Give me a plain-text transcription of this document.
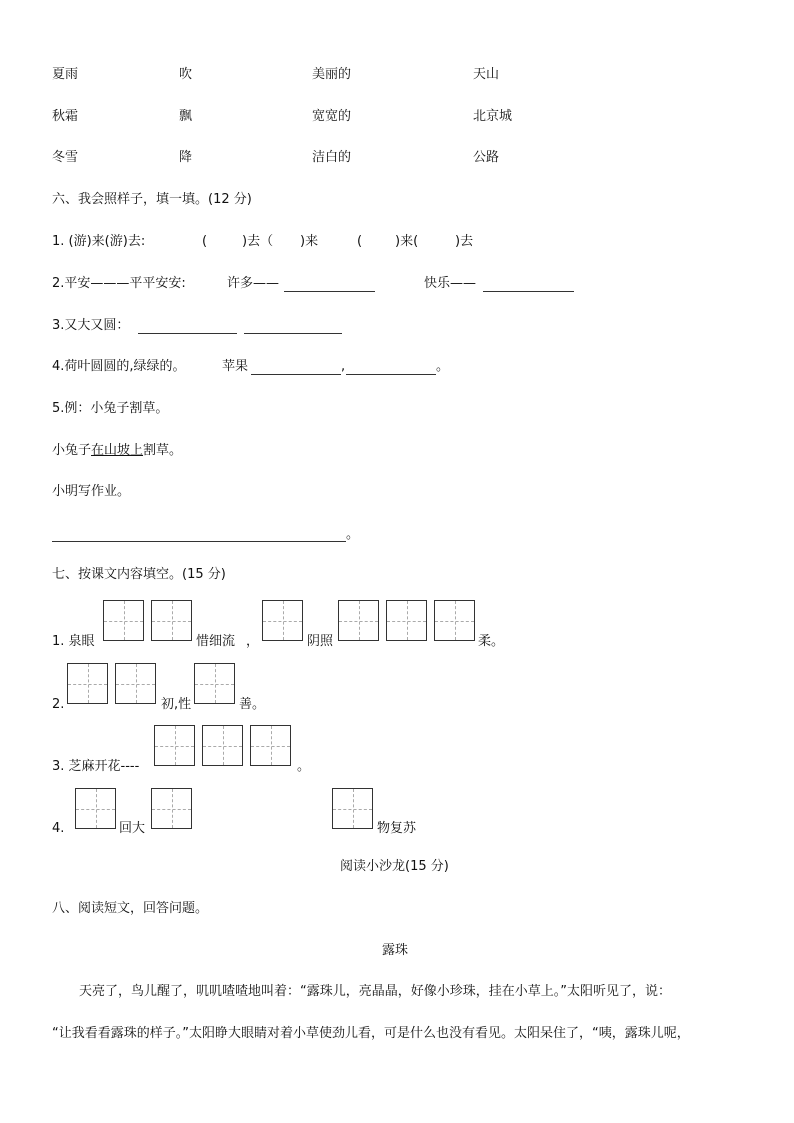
夏雨	吹	美丽的	天山
秋霜	飘	宽宽的	北京城
冬雪	降	洁白的	公路
六、我会照样子，填一填。(12 分)
1. (游)来(游)去:	(	)去（ )来	(	)来(	)去
2.平安———平平安安:	许多——	快乐——
3.又大又圆：
4.荷叶圆圆的,绿绿的。	苹果	,	。
5.例：小兔子割草。
小兔子在山坡上割草。
小明写作业。
。
七、按课文内容填空。(15 分)
1. 泉眼	惜细流 ，	阴照	柔。
2.	初,性	善。
3. 芝麻开花----	。
4.	回大	物复苏
阅读小沙龙(15 分)
八、阅读短文，回答问题。
露珠
天亮了，鸟儿醒了，叽叽喳喳地叫着：“露珠儿，亮晶晶，好像小珍珠，挂在小草上。”太阳听见了，说：
“让我看看露珠的样子。”太阳睁大眼睛对着小草使劲儿看，可是什么也没有看见。太阳呆住了，“咦，露珠儿呢，
